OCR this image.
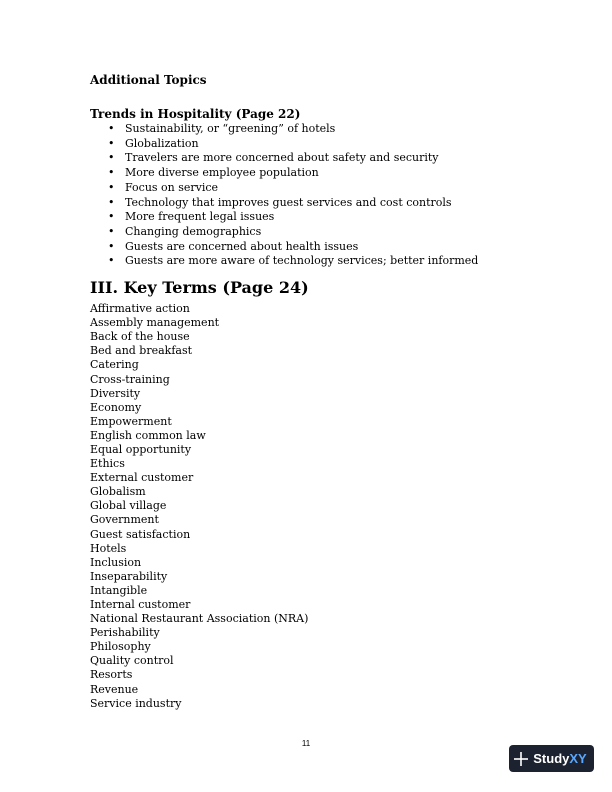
Additional Topics

Trends in Hospitality (Page 22)

• Sustainability, or “greening” of hotels
• Globalization
• Travelers are more concerned about safety and security
• More diverse employee population
• Focus on service
• Technology that improves guest services and cost controls
• More frequent legal issues
• Changing demographics
• Guests are concerned about health issues
• Guests are more aware of technology services; better informed

III. Key Terms (Page 24)

Affirmative action
Assembly management
Back of the house
Bed and breakfast
Catering
Cross-training
Diversity
Economy
Empowerment
English common law
Equal opportunity
Ethics
External customer
Globalism
Global village
Government
Guest satisfaction
Hotels
Inclusion
Inseparability
Intangible
Internal customer
National Restaurant Association (NRA)
Perishability
Philosophy
Quality control
Resorts
Revenue
Service industry
11
Study XY
